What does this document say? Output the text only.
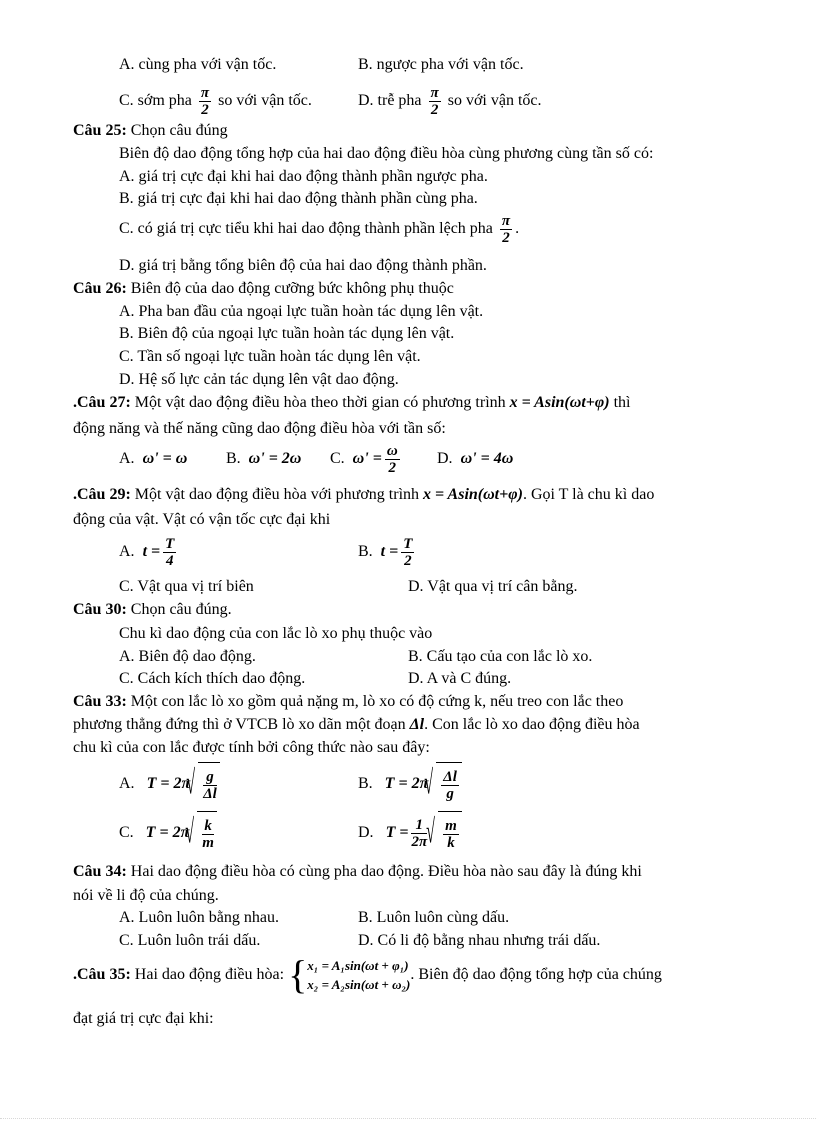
A. cùng pha với vận tốc.	B. ngược pha với vận tốc.
C. sớm pha $\frac{\pi}{2}$ so với vận tốc.	D. trễ pha $\frac{\pi}{2}$ so với vận tốc.
Câu 25: Chọn câu đúng
Biên độ dao động tổng hợp của hai dao động điều hòa cùng phương cùng tần số có:
A. giá trị cực đại khi hai dao động thành phần ngược pha.
B. giá trị cực đại khi hai dao động thành phần cùng pha.
C. có giá trị cực tiểu khi hai dao động thành phần lệch pha $\frac{\pi}{2}$ .
D. giá trị bằng tổng biên độ của hai dao động thành phần.
Câu 26: Biên độ của dao động cưỡng bức không phụ thuộc
A. Pha ban đầu của ngoại lực tuần hoàn tác dụng lên vật.
B. Biên độ của ngoại lực tuần hoàn tác dụng lên vật.
C. Tần số ngoại lực tuần hoàn tác dụng lên vật.
D. Hệ số lực cản tác dụng lên vật dao động.
.Câu 27: Một vật dao động điều hòa theo thời gian có phương trình x = Asin(ωt+φ) thì
động năng và thế năng cũng dao động điều hòa với tần số:
A. ω' = ω B. ω' = 2ω C. $\omega' = \frac{\omega}{2} D$. ω' = 4ω
.Câu 29: Một vật dao động điều hòa với phương trình x = Asin(ωt+φ). Gọi T là chu kì dao
động của vật. Vật có vận tốc cực đại khi
A. $t = \frac{T}{4}$	B. $t = \frac{T}{2}$
C. Vật qua vị trí biên	D. Vật qua vị trí cân bằng.
Câu 30: Chọn câu đúng.
Chu kì dao động của con lắc lò xo phụ thuộc vào
A. Biên độ dao động.	B. Cấu tạo của con lắc lò xo.
C. Cách kích thích dao động.	D. A và C đúng.
Câu 33: Một con lắc lò xo gồm quả nặng m, lò xo có độ cứng k, nếu treo con lắc theo
phương thẳng đứng thì ở VTCB lò xo dãn một đoạn Δl. Con lắc lò xo dao động điều hòa
chu kì của con lắc được tính bởi công thức nào sau đây:
A. T = 2π √ $\frac{g}{\Delta l}$	B. T = 2π √ $\frac{\Delta l}{g}$
C. T = 2π √ $\frac{k}{m}$	D. $T = \frac{1}{2\pi}$ √ $\frac{m}{k}$
Câu 34: Hai dao động điều hòa có cùng pha dao động. Điều hòa nào sau đây là đúng khi
nói về li độ của chúng.
A. Luôn luôn bằng nhau.	B. Luôn luôn cùng dấu.
C. Luôn luôn trái dấu.	D. Có li độ bằng nhau nhưng trái dấu.
.Câu 35: Hai dao động điều hòa: { x₁ = A₁sin(ωt + φ₁)
x₂ = A₂sin(ωt + ω₂)
. Biên độ dao động tổng hợp của chúng
đạt giá trị cực đại khi:
